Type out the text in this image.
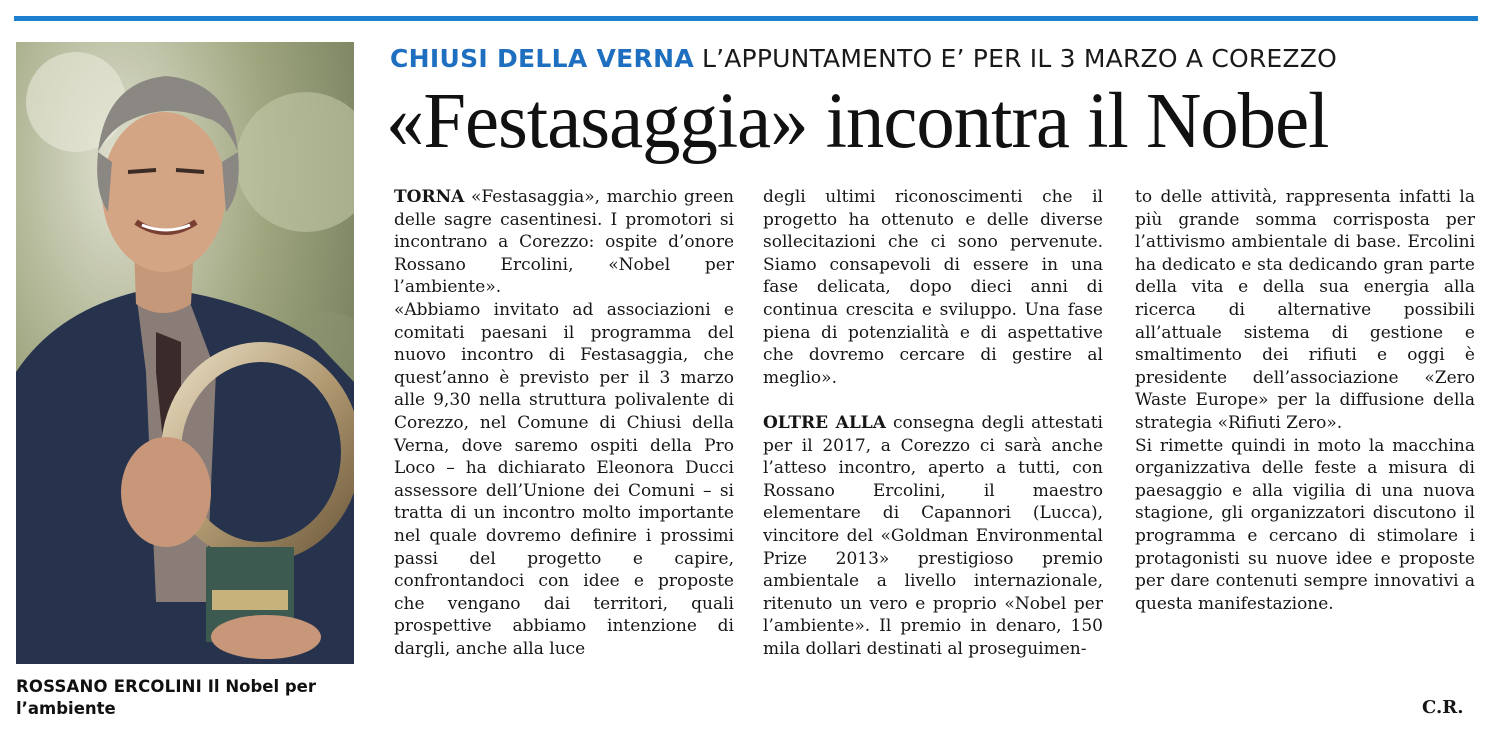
ROSSANO ERCOLINI Il Nobel per l’ambiente
CHIUSI DELLA VERNA L’APPUNTAMENTO E’ PER IL 3 MARZO A COREZZO
«Festasaggia» incontra il Nobel

TORNA «Festasaggia», marchio green delle sagre casentinesi. I promotori si incontrano a Corezzo: ospite d’onore Rossano Ercolini, «Nobel per l’ambiente».

«Abbiamo invitato ad associazioni e comitati paesani il programma del nuovo incontro di Festasaggia, che quest’anno è previsto per il 3 marzo alle 9,30 nella struttura polivalente di Corezzo, nel Comune di Chiusi della Verna, dove saremo ospiti della Pro Loco – ha dichiarato Eleonora Ducci assessore dell’Unione dei Comuni – si tratta di un incontro molto importante nel quale dovremo definire i prossimi passi del progetto e capire, confrontandoci con idee e proposte che vengano dai territori, quali prospettive abbiamo intenzione di dargli, anche alla luce

degli ultimi riconoscimenti che il progetto ha ottenuto e delle diverse sollecitazioni che ci sono pervenute. Siamo consapevoli di essere in una fase delicata, dopo dieci anni di continua crescita e sviluppo. Una fase piena di potenzialità e di aspettative che dovremo cercare di gestire al meglio».

OLTRE ALLA consegna degli attestati per il 2017, a Corezzo ci sarà anche l’atteso incontro, aperto a tutti, con Rossano Ercolini, il maestro elementare di Capannori (Lucca), vincitore del «Goldman Environmental Prize 2013» prestigioso premio ambientale a livello internazionale, ritenuto un vero e proprio «Nobel per l’ambiente». Il premio in denaro, 150 mila dollari destinati al proseguimen-

to delle attività, rappresenta infatti la più grande somma corrisposta per l’attivismo ambientale di base. Ercolini ha dedicato e sta dedicando gran parte della vita e della sua energia alla ricerca di alternative possibili all’attuale sistema di gestione e smaltimento dei rifiuti e oggi è presidente dell’associazione «Zero Waste Europe» per la diffusione della strategia «Rifiuti Zero».

Si rimette quindi in moto la macchina organizzativa delle feste a misura di paesaggio e alla vigilia di una nuova stagione, gli organizzatori discutono il programma e cercano di stimolare i protagonisti su nuove idee e proposte per dare contenuti sempre innovativi a questa manifestazione.

C.R.
